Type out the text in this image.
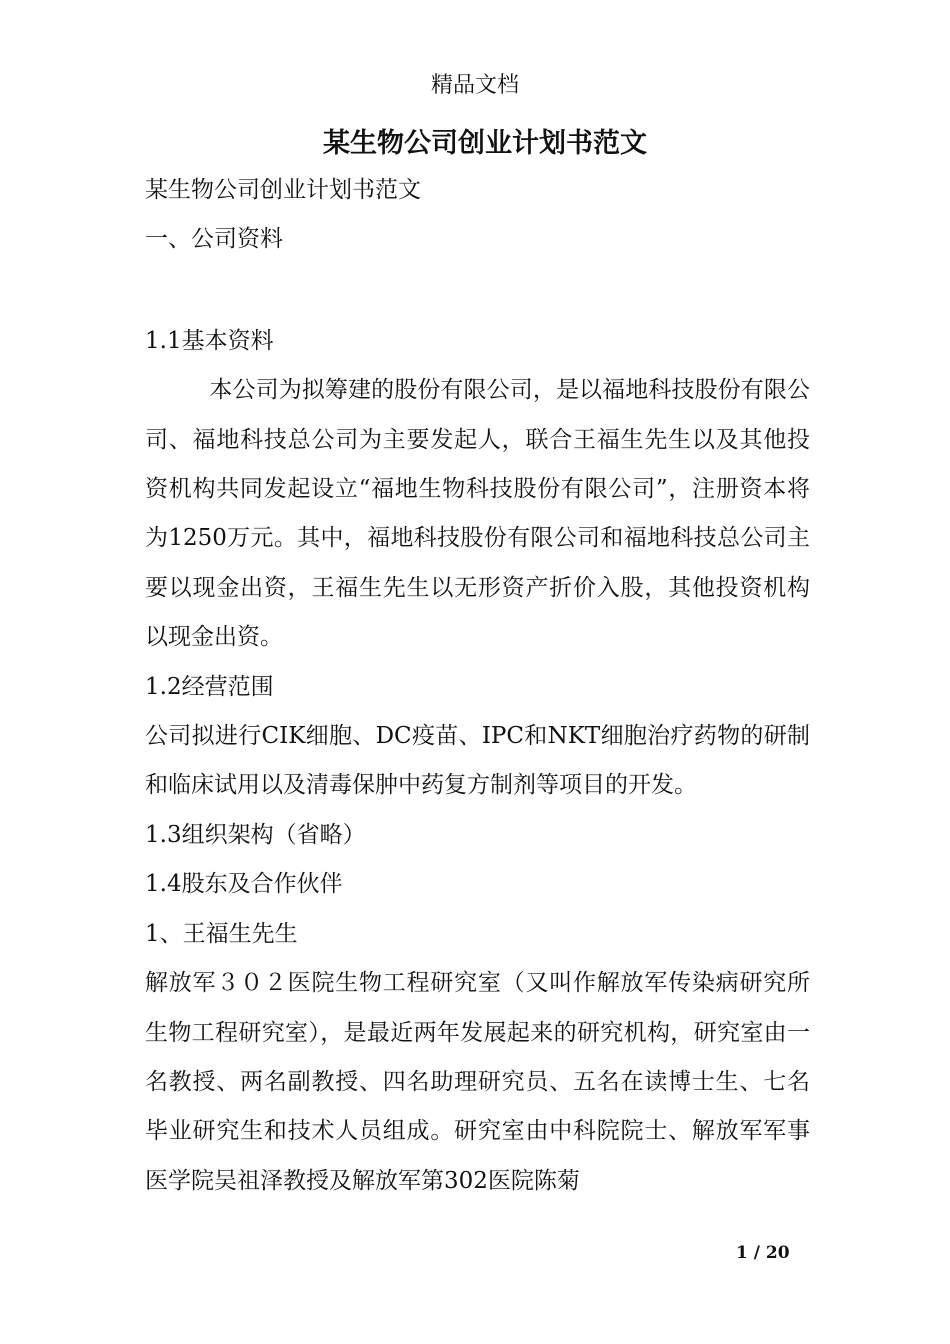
精品文档
某生物公司创业计划书范文

某生物公司创业计划书范文

一、公司资料

1.1基本资料

本公司为拟筹建的股份有限公司，是以福地科技股份有限公司、福地科技总公司为主要发起人，联合王福生先生以及其他投资机构共同发起设立“福地生物科技股份有限公司”，注册资本将为1250万元。其中，福地科技股份有限公司和福地科技总公司主要以现金出资，王福生先生以无形资产折价入股，其他投资机构以现金出资。

1.2经营范围

公司拟进行CIK细胞、DC疫苗、IPC和NKT细胞治疗药物的研制和临床试用以及清毒保肿中药复方制剂等项目的开发。

1.3组织架构（省略）

1.4股东及合作伙伴

1、王福生先生

解放军３０２医院生物工程研究室（又叫作解放军传染病研究所生物工程研究室），是最近两年发展起来的研究机构，研究室由一名教授、两名副教授、四名助理研究员、五名在读博士生、七名毕业研究生和技术人员组成。研究室由中科院院士、解放军军事医学院吴祖泽教授及解放军第302医院陈菊

1 / 20
